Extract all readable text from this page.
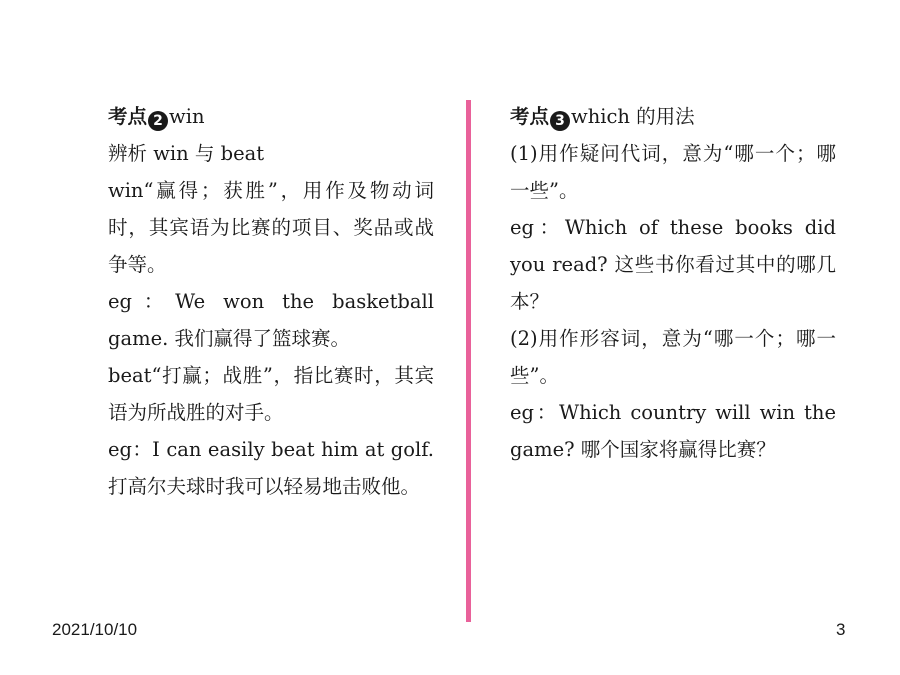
考点 2 win

辨析 win 与 beat

win“赢得；获胜”，用作及物动词时，其宾语为比赛的项目、奖品或战争等。

eg：We won the basketball game. 我们赢得了篮球赛。

beat“打赢；战胜”，指比赛时，其宾语为所战胜的对手。

eg：I can easily beat him at golf. 打高尔夫球时我可以轻易地击败他。

考点 3 which 的用法

(1)用作疑问代词，意为“哪一个；哪一些”。

eg：Which of these books did you read? 这些书你看过其中的哪几本？

(2)用作形容词，意为“哪一个；哪一些”。

eg：Which country will win the game? 哪个国家将赢得比赛？

2021/10/10	3
